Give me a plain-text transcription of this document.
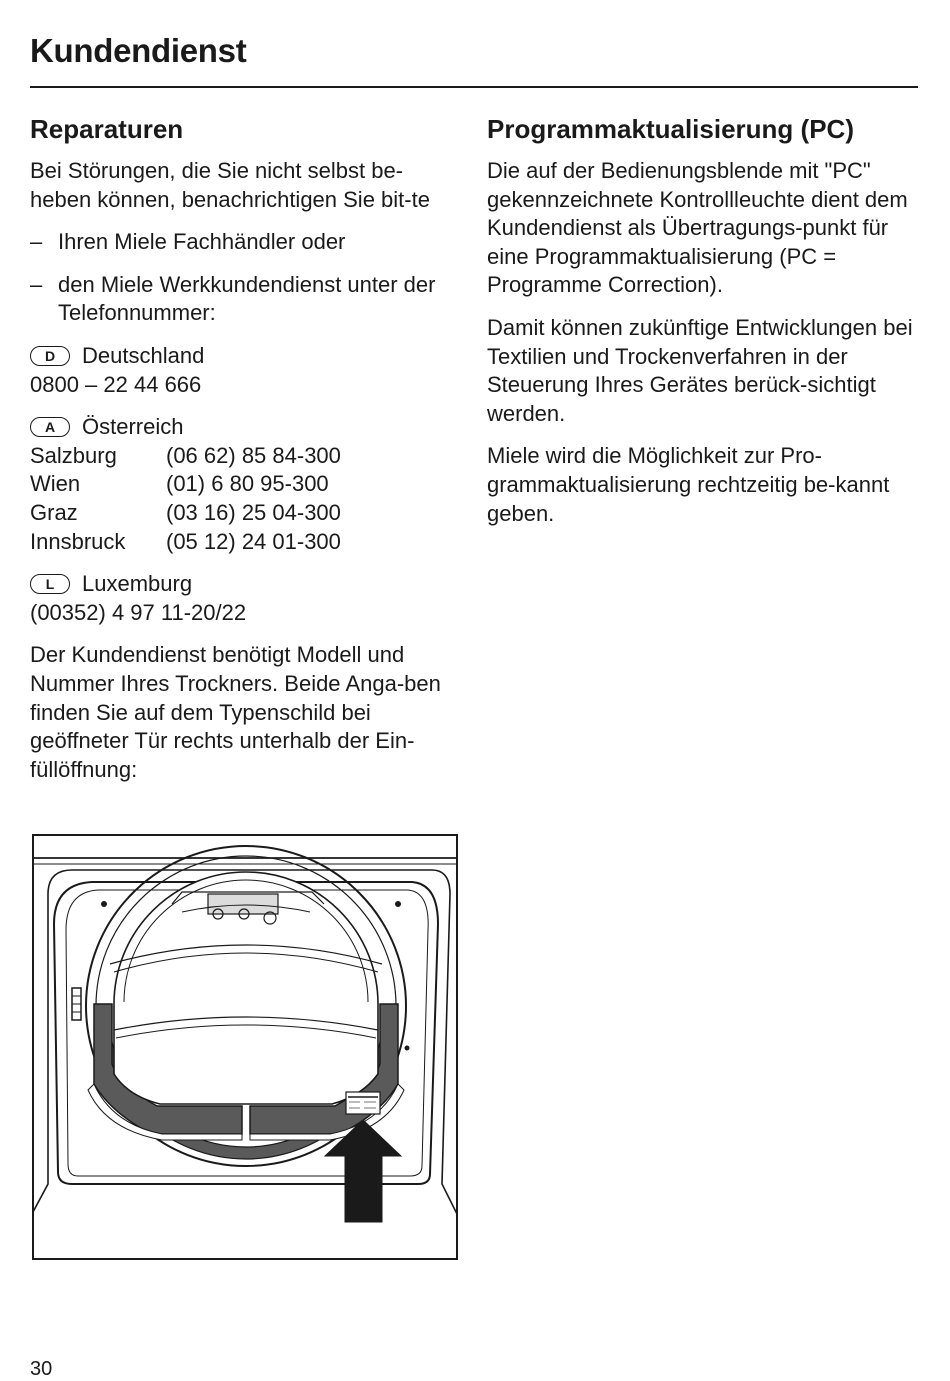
Kundendienst
Reparaturen

Bei Störungen, die Sie nicht selbst be-heben können, benachrichtigen Sie bit-te

– Ihren Miele Fachhändler oder
– den Miele Werkkundendienst unter der Telefonnummer:
D	Deutschland
0800 – 22 44 666
A	Österreich
Salzburg	(06 62) 85 84-300
Wien	(01) 6 80 95-300
Graz	(03 16) 25 04-300
Innsbruck	(05 12) 24 01-300
L	Luxemburg
(00352) 4 97 11-20/22

Der Kundendienst benötigt Modell und Nummer Ihres Trockners. Beide Anga-ben finden Sie auf dem Typenschild bei geöffneter Tür rechts unterhalb der Ein-füllöffnung:

Programmaktualisierung (PC)

Die auf der Bedienungsblende mit "PC" gekennzeichnete Kontrollleuchte dient dem Kundendienst als Übertragungs-punkt für eine Programmaktualisierung (PC = Programme Correction).

Damit können zukünftige Entwicklungen bei Textilien und Trockenverfahren in der Steuerung Ihres Gerätes berück-sichtigt werden.

Miele wird die Möglichkeit zur Pro-grammaktualisierung rechtzeitig be-kannt geben.

30
